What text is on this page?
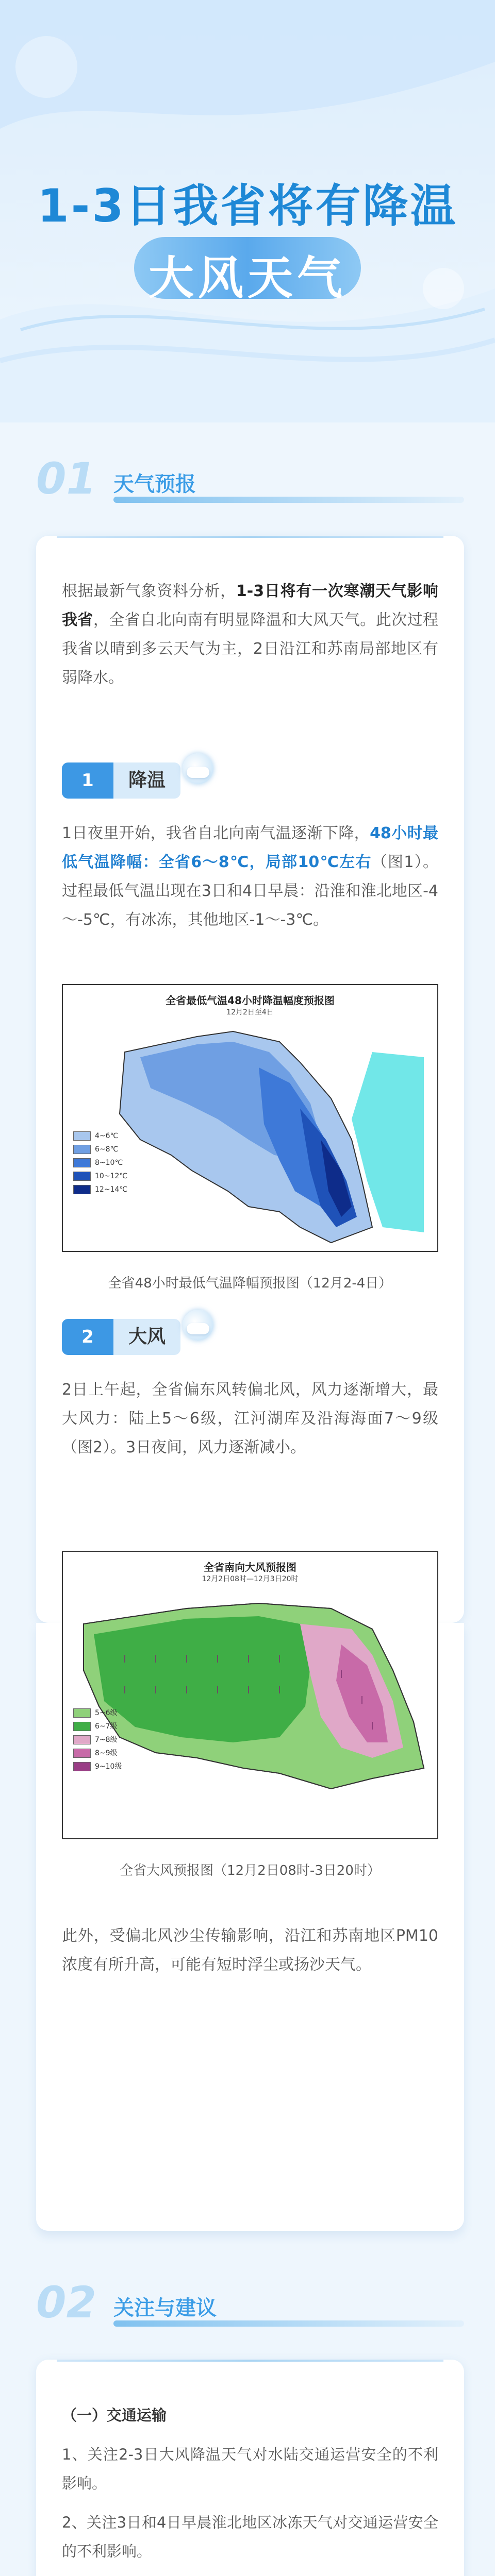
1-3日我省将有降温
大风天气
01 天气预报

根据最新气象资料分析，1-3日将有一次寒潮天气影响我省，全省自北向南有明显降温和大风天气。此次过程我省以晴到多云天气为主，2日沿江和苏南局部地区有弱降水。

1	降温

1日夜里开始，我省自北向南气温逐渐下降，48小时最低气温降幅：全省6～8℃，局部10℃左右（图1）。过程最低气温出现在3日和4日早晨：沿淮和淮北地区-4～-5℃，有冰冻，其他地区-1～-3℃。

全省最低气温48小时降温幅度预报图
12月2日至4日
4~6℃
6~8℃
8~10℃
10~12℃
12~14℃
全省48小时最低气温降幅预报图（12月2-4日）
2	大风

2日上午起，全省偏东风转偏北风，风力逐渐增大，最大风力：陆上5～6级，江河湖库及沿海海面7～9级（图2）。3日夜间，风力逐渐减小。

全省南向大风预报图
12月2日08时—12月3日20时
5~6级
6~7级
7~8级
8~9级
9~10级
全省大风预报图（12月2日08时-3日20时）

此外，受偏北风沙尘传输影响，沿江和苏南地区PM10浓度有所升高，可能有短时浮尘或扬沙天气。

02 关注与建议
（一）交通运输
1、关注2-3日大风降温天气对水陆交通运营安全的不利影响。
2、关注3日和4日早晨淮北地区冰冻天气对交通运营安全的不利影响。
